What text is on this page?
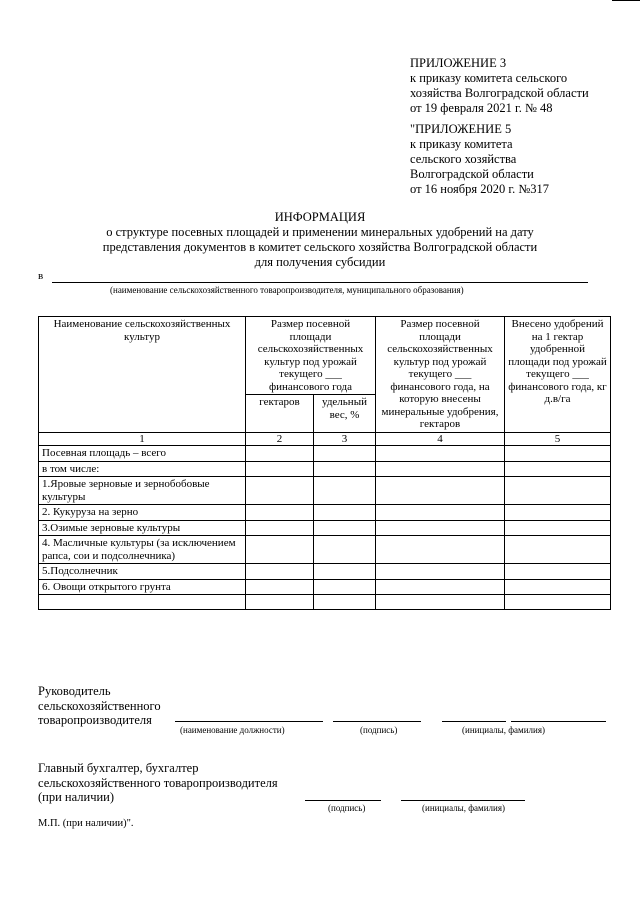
ПРИЛОЖЕНИЕ 3
к приказу комитета сельского
хозяйства Волгоградской области
от 19 февраля 2021 г. № 48
"ПРИЛОЖЕНИЕ 5
к приказу комитета
сельского хозяйства
Волгоградской области
от 16 ноября 2020 г. №317
ИНФОРМАЦИЯ
о структуре посевных площадей и применении минеральных удобрений на дату
представления документов в комитет сельского хозяйства Волгоградской области
для получения субсидии
в
(наименование сельскохозяйственного товаропроизводителя, муниципального образования)
Наименование сельскохозяйственных культур	Размер посевной площади сельскохозяйственных культур под урожай текущего ___ финансового года		Размер посевной площади сельскохозяйственных культур под урожай текущего ___ финансового года, на которую внесены минеральные удобрения, гектаров	Внесено удобрений на 1 гектар удобренной площади под урожай текущего ___ финансового года, кг д.в/га
	гектаров	удельный вес, %		
1	2	3	4	5
Посевная площадь – всего				
в том числе:				
1.Яровые зерновые и зернобобовые культуры				
2. Кукуруза на зерно				
3.Озимые зерновые культуры				
4. Масличные культуры (за исключением рапса, сои и подсолнечника)				
5.Подсолнечник				
6. Овощи открытого грунта				

Руководитель
сельскохозяйственного
товаропроизводителя
(наименование должности)	(подпись)	(инициалы, фамилия)
Главный бухгалтер, бухгалтер
сельскохозяйственного товаропроизводителя
(при наличии)
(подпись)	(инициалы, фамилия)
М.П. (при наличии)".
